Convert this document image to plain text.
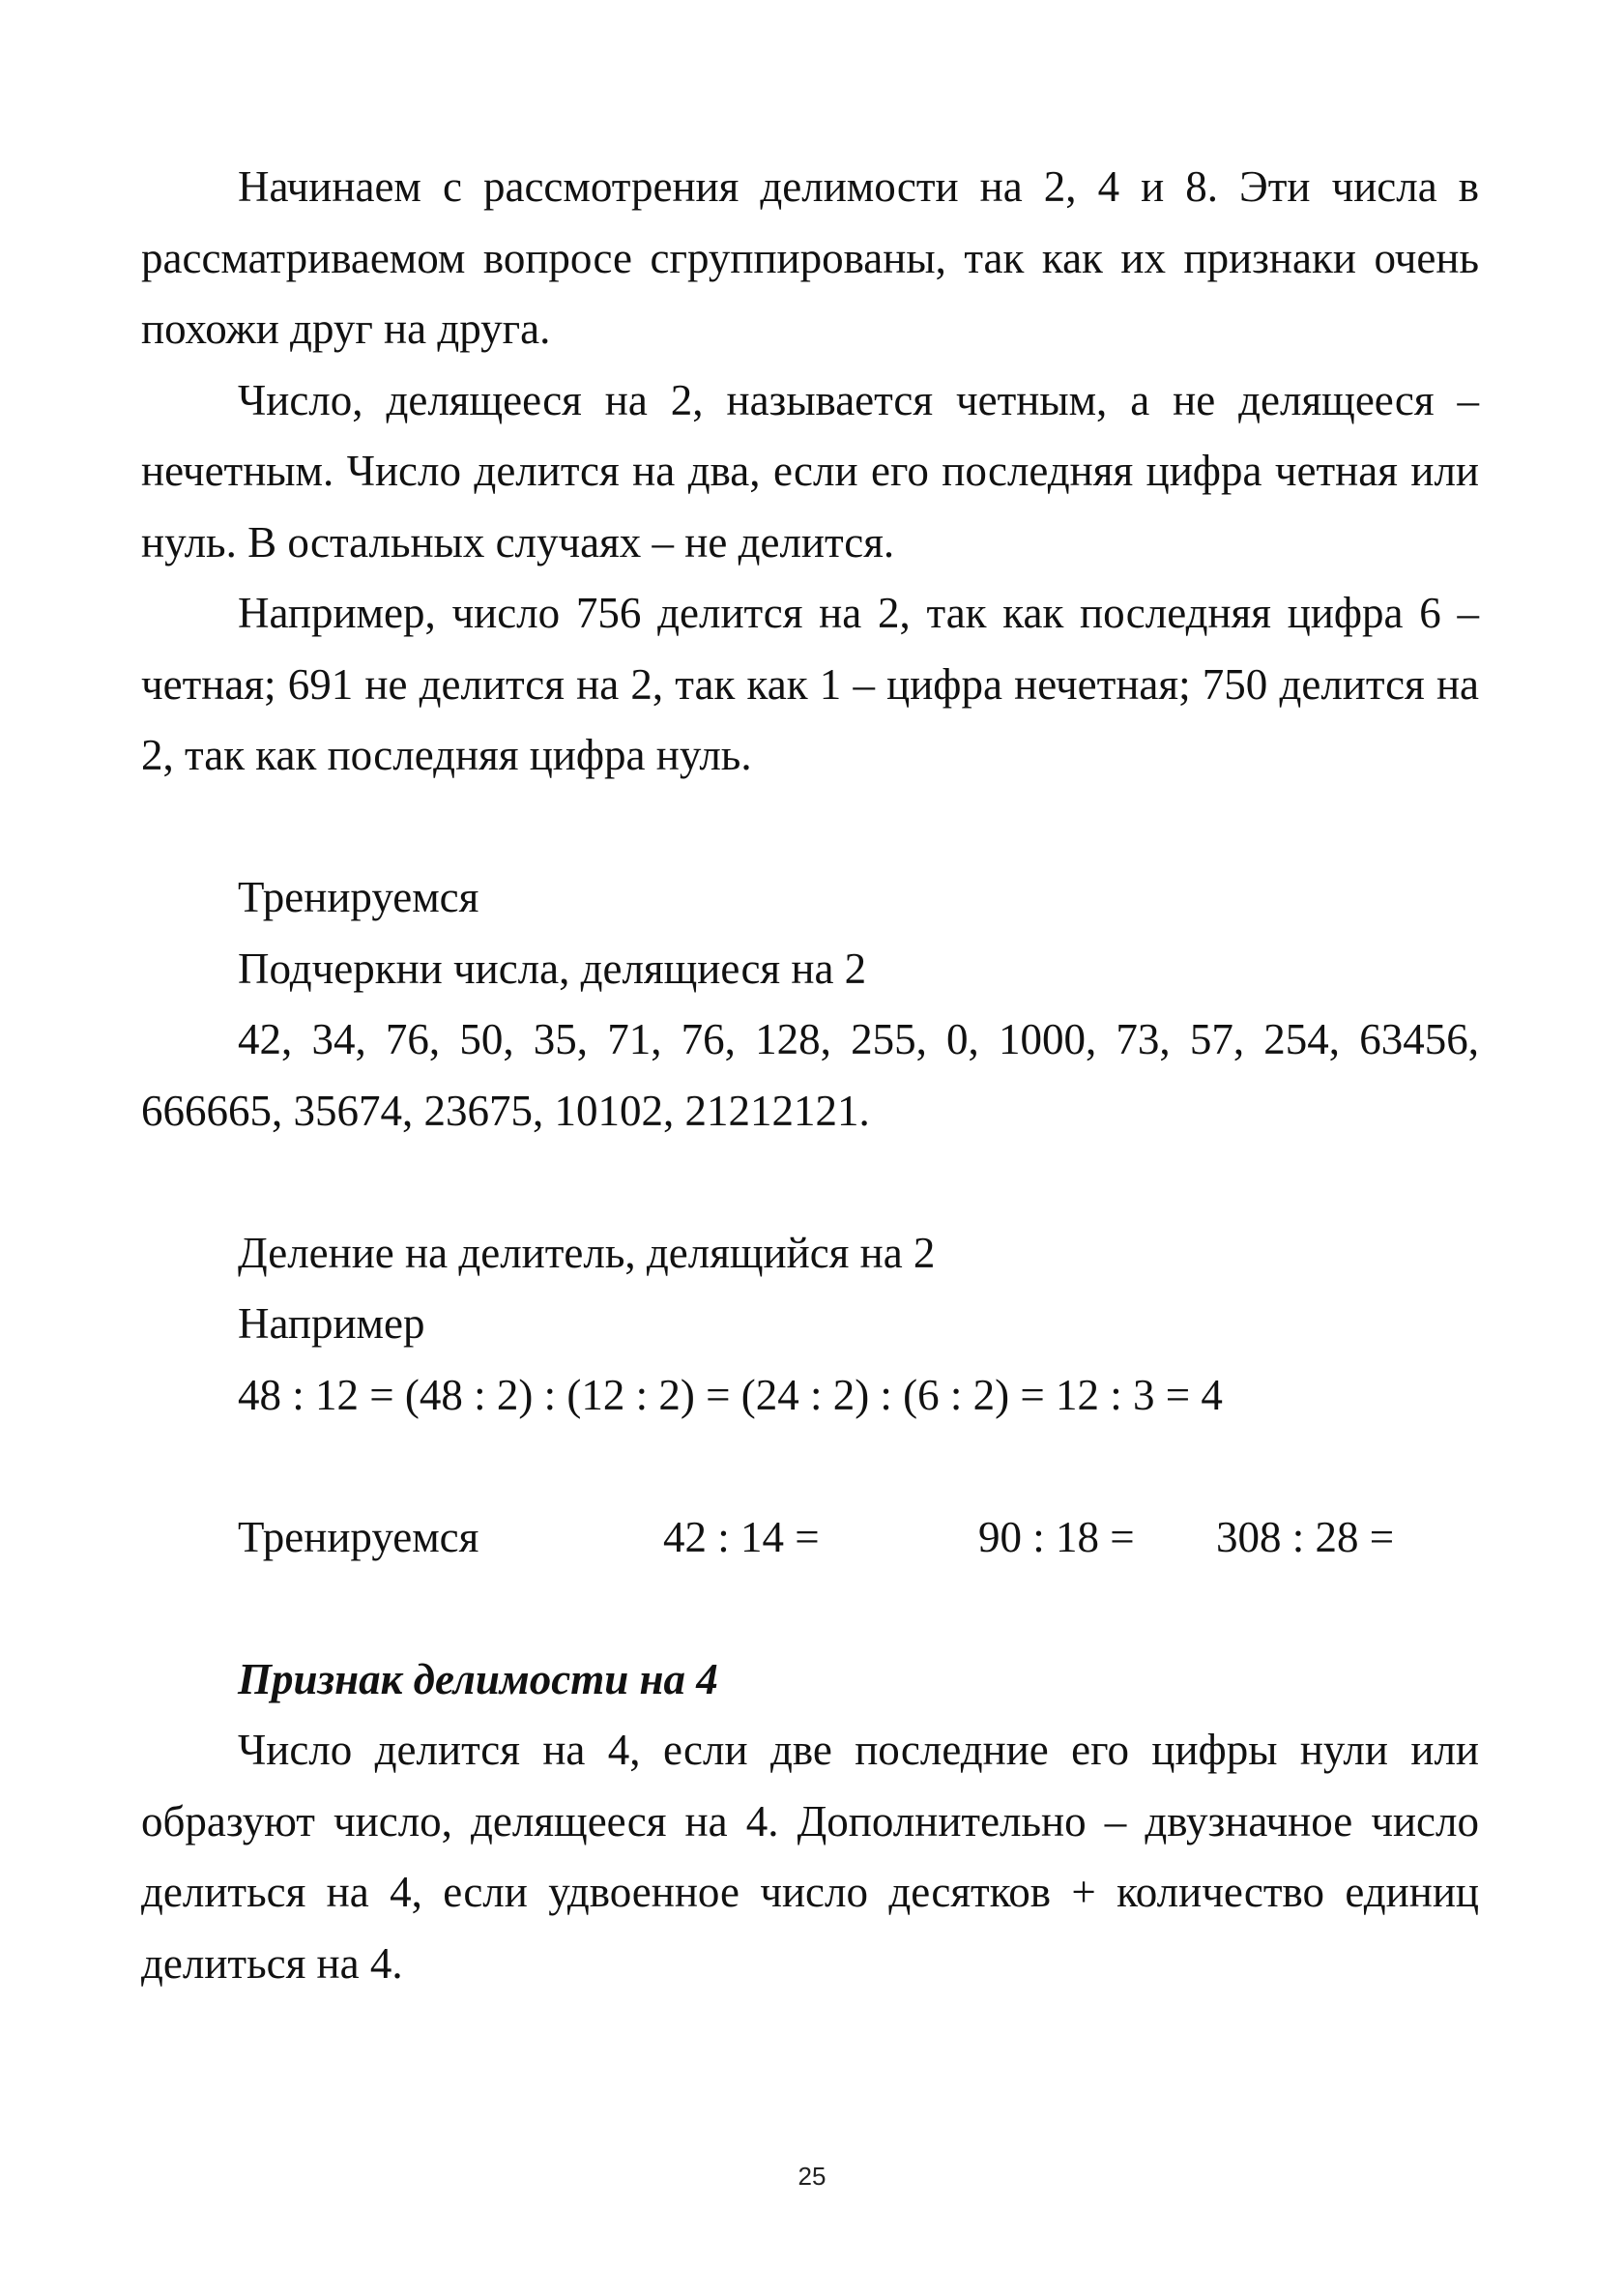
Начинаем с рассмотрения делимости на 2, 4 и 8. Эти числа в рассматриваемом вопросе сгруппированы, так как их признаки очень похожи друг на друга.

Число, делящееся на 2, называется четным, а не делящееся – нечетным. Число делится на два, если его последняя цифра четная или нуль. В остальных случаях – не делится.

Например, число 756 делится на 2, так как последняя цифра 6 – четная; 691 не делится на 2, так как 1 – цифра нечетная; 750 делится на 2, так как последняя цифра нуль.

Тренируемся

Подчеркни числа, делящиеся на 2

42, 34, 76, 50, 35, 71, 76, 128, 255, 0, 1000, 73, 57, 254, 63456, 666665, 35674, 23675, 10102, 21212121.

Деление на делитель, делящийся на 2

Например

48 : 12 = (48 : 2) : (12 : 2) = (24 : 2) : (6 : 2) = 12 : 3 = 4

Тренируемся	42 : 14 =	90 : 18 = 308 : 28 =

Признак делимости на 4

Число делится на 4, если две последние его цифры нули или образуют число, делящееся на 4. Дополнительно – двузначное число делиться на 4, если удвоенное число десятков + количество единиц делиться на 4.

25
